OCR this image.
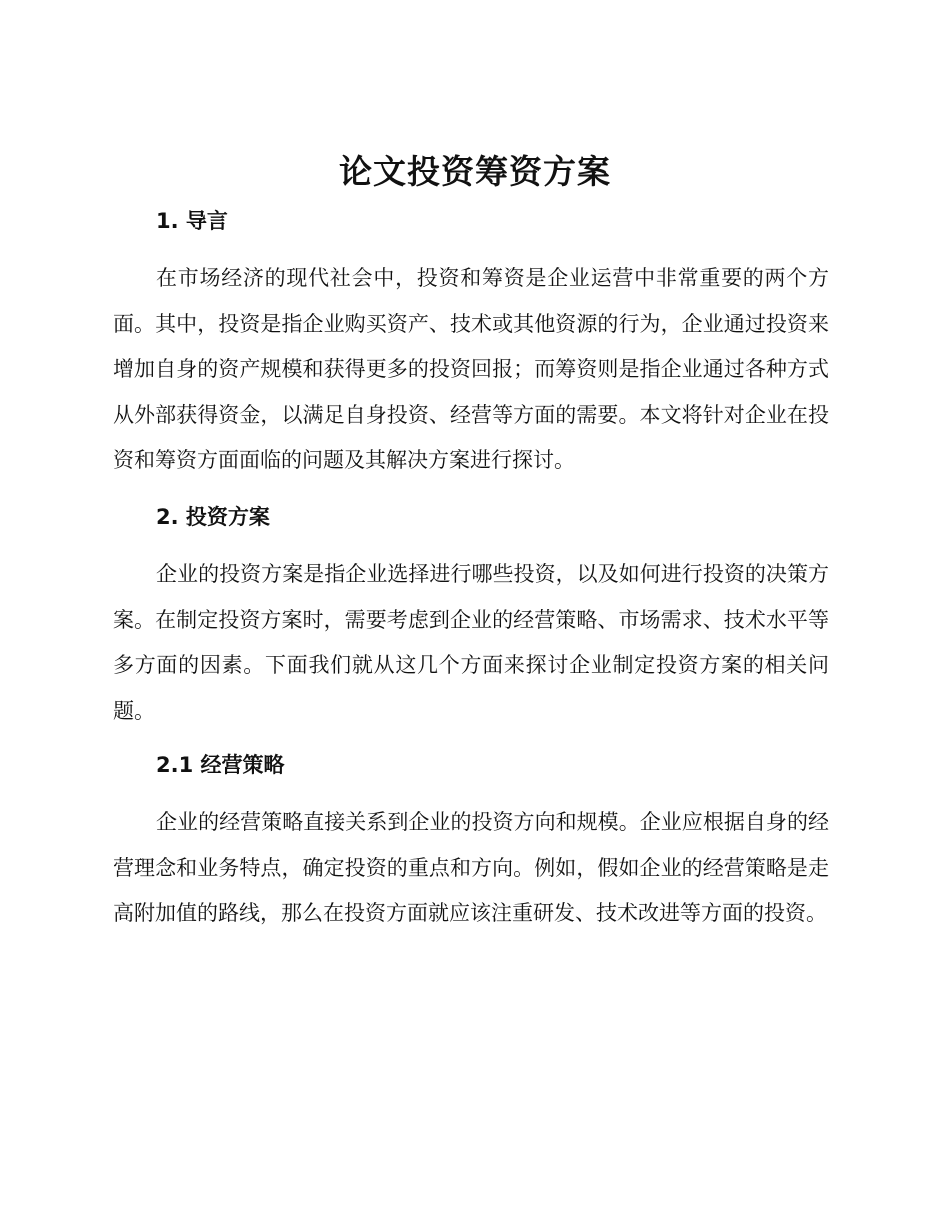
论文投资筹资方案
1. 导言

在市场经济的现代社会中，投资和筹资是企业运营中非常重要的两个方面。其中，投资是指企业购买资产、技术或其他资源的行为，企业通过投资来增加自身的资产规模和获得更多的投资回报；而筹资则是指企业通过各种方式从外部获得资金，以满足自身投资、经营等方面的需要。本文将针对企业在投资和筹资方面面临的问题及其解决方案进行探讨。

2. 投资方案

企业的投资方案是指企业选择进行哪些投资，以及如何进行投资的决策方案。在制定投资方案时，需要考虑到企业的经营策略、市场需求、技术水平等多方面的因素。下面我们就从这几个方面来探讨企业制定投资方案的相关问题。

2.1 经营策略

企业的经营策略直接关系到企业的投资方向和规模。企业应根据自身的经营理念和业务特点，确定投资的重点和方向。例如，假如企业的经营策略是走高附加值的路线，那么在投资方面就应该注重研发、技术改进等方面的投资。
